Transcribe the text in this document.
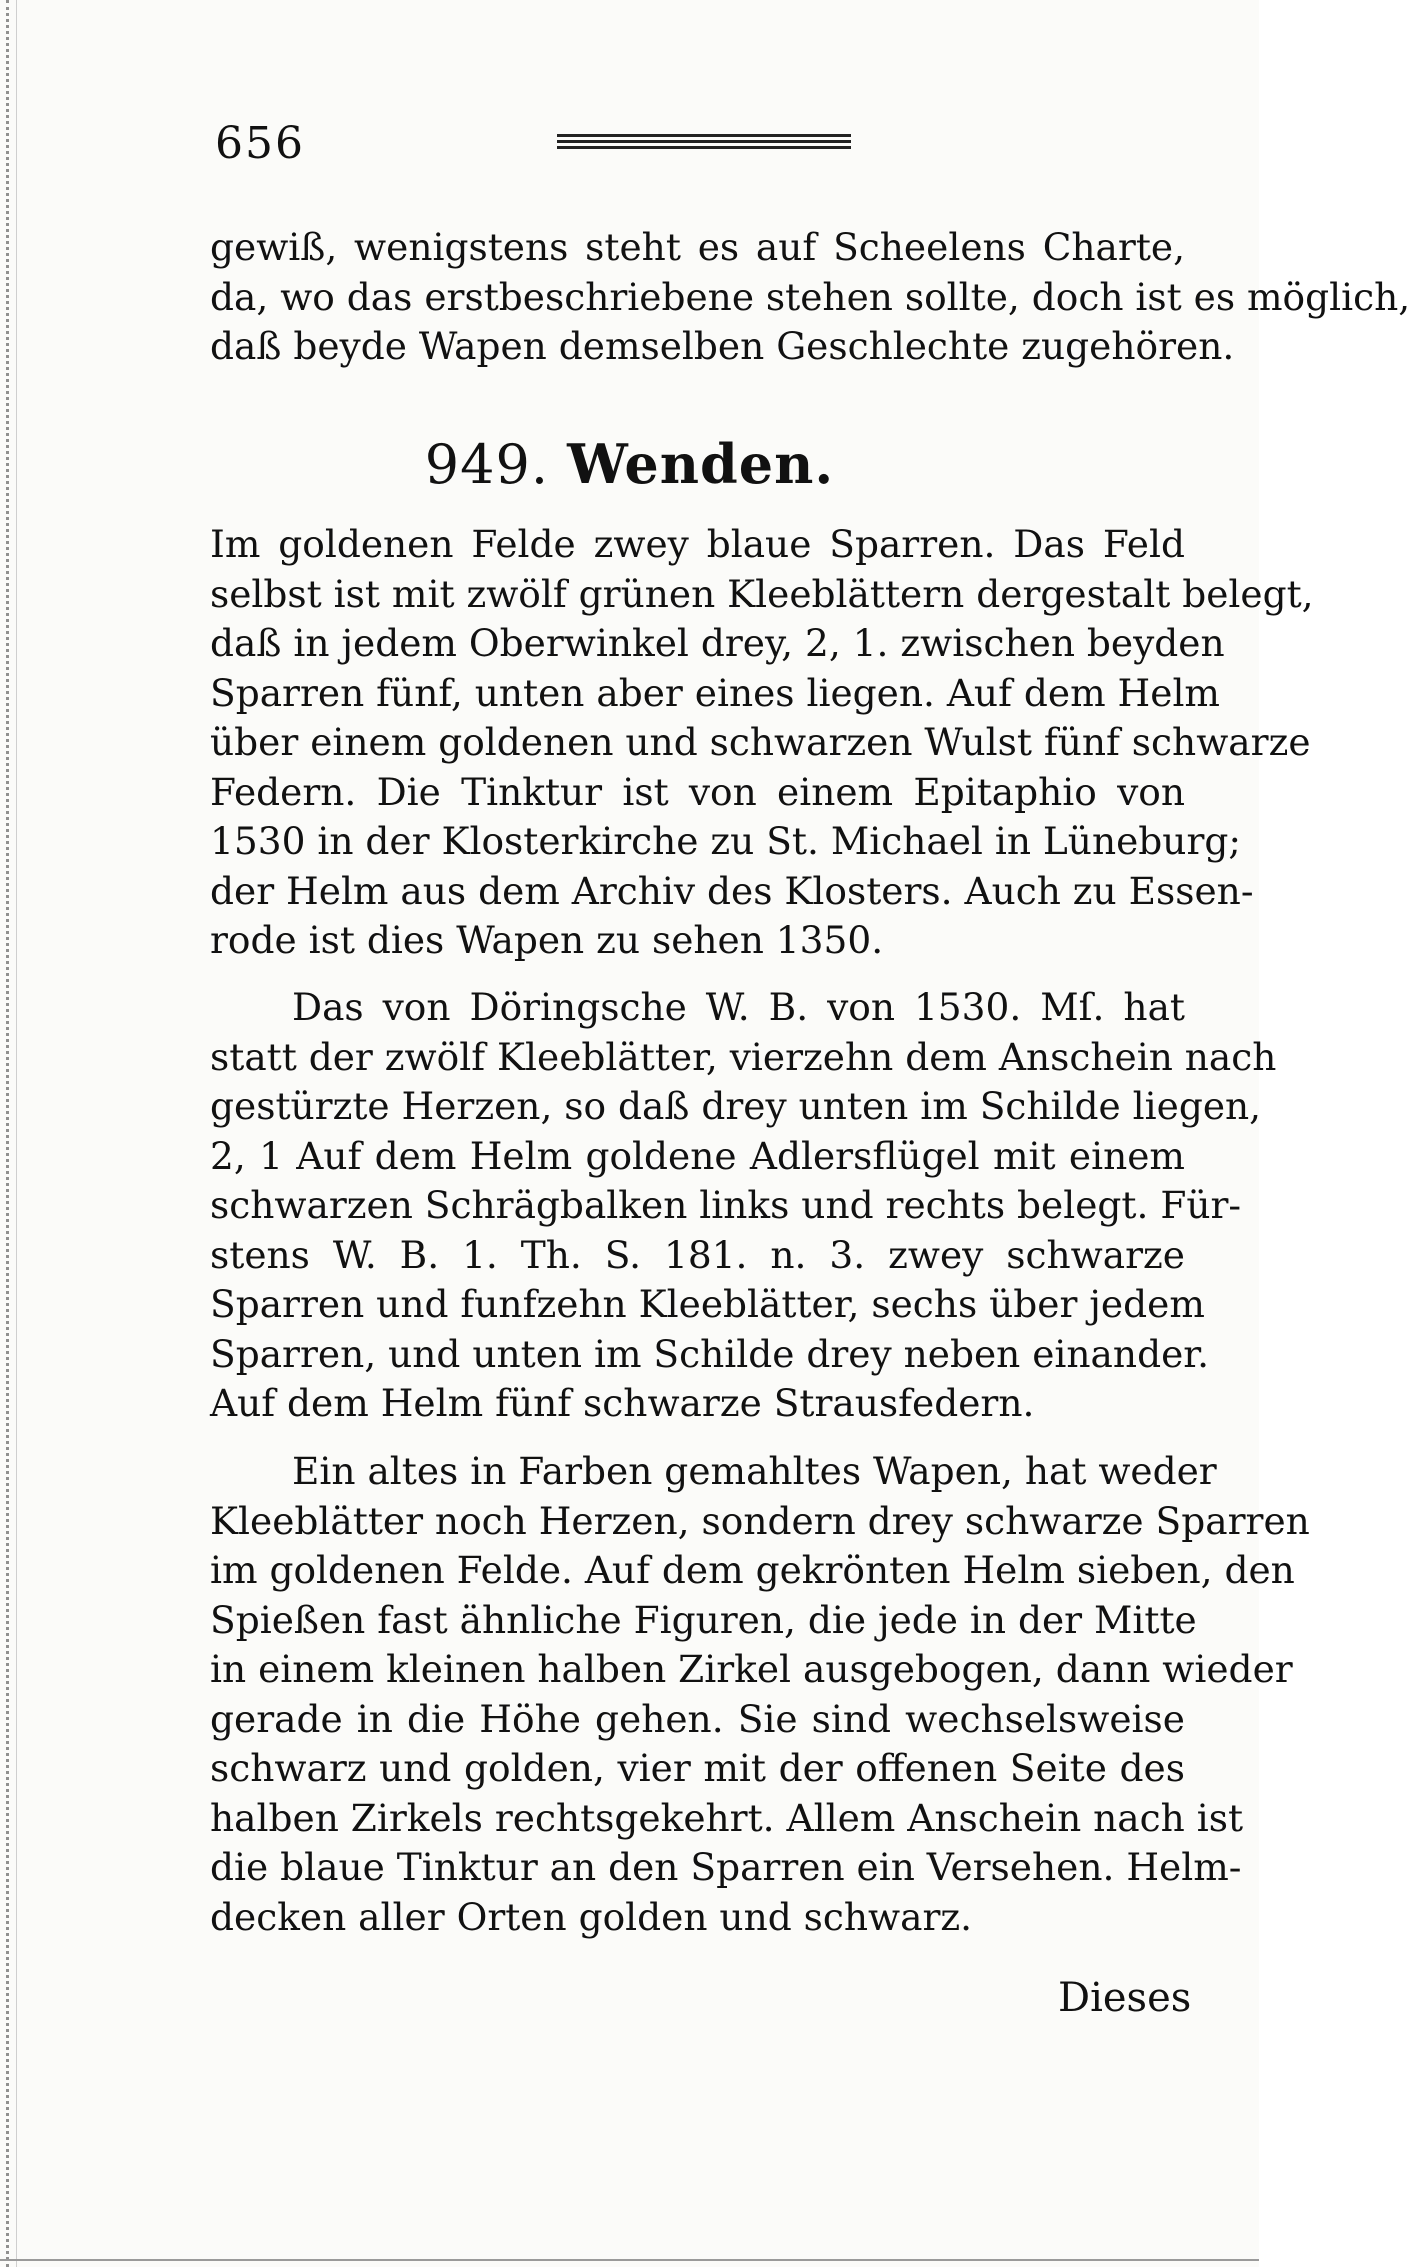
656
gewiß, wenigstens steht es auf Scheelens Charte,
da, wo das erstbeschriebene stehen sollte, doch ist es möglich,
daß beyde Wapen demselben Geschlechte zugehören.
949. Wenden.
Im goldenen Felde zwey blaue Sparren. Das Feld
selbst ist mit zwölf grünen Kleeblättern dergestalt belegt,
daß in jedem Oberwinkel drey, 2, 1. zwischen beyden
Sparren fünf, unten aber eines liegen. Auf dem Helm
über einem goldenen und schwarzen Wulst fünf schwarze
Federn. Die Tinktur ist von einem Epitaphio von
1530 in der Klosterkirche zu St. Michael in Lüneburg;
der Helm aus dem Archiv des Klosters. Auch zu Essen-
rode ist dies Wapen zu sehen 1350.
Das von Döringsche W. B. von 1530. Mſ. hat
statt der zwölf Kleeblätter, vierzehn dem Anschein nach
gestürzte Herzen, so daß drey unten im Schilde liegen,
2, 1 Auf dem Helm goldene Adlersflügel mit einem
schwarzen Schrägbalken links und rechts belegt. Für-
stens W. B. 1. Th. S. 181. n. 3. zwey schwarze
Sparren und funfzehn Kleeblätter, sechs über jedem
Sparren, und unten im Schilde drey neben einander.
Auf dem Helm fünf schwarze Strausfedern.
Ein altes in Farben gemahltes Wapen, hat weder
Kleeblätter noch Herzen, sondern drey schwarze Sparren
im goldenen Felde. Auf dem gekrönten Helm sieben, den
Spießen fast ähnliche Figuren, die jede in der Mitte
in einem kleinen halben Zirkel ausgebogen, dann wieder
gerade in die Höhe gehen. Sie sind wechselsweise
schwarz und golden, vier mit der offenen Seite des
halben Zirkels rechtsgekehrt. Allem Anschein nach ist
die blaue Tinktur an den Sparren ein Versehen. Helm-
decken aller Orten golden und schwarz.
Dieses
